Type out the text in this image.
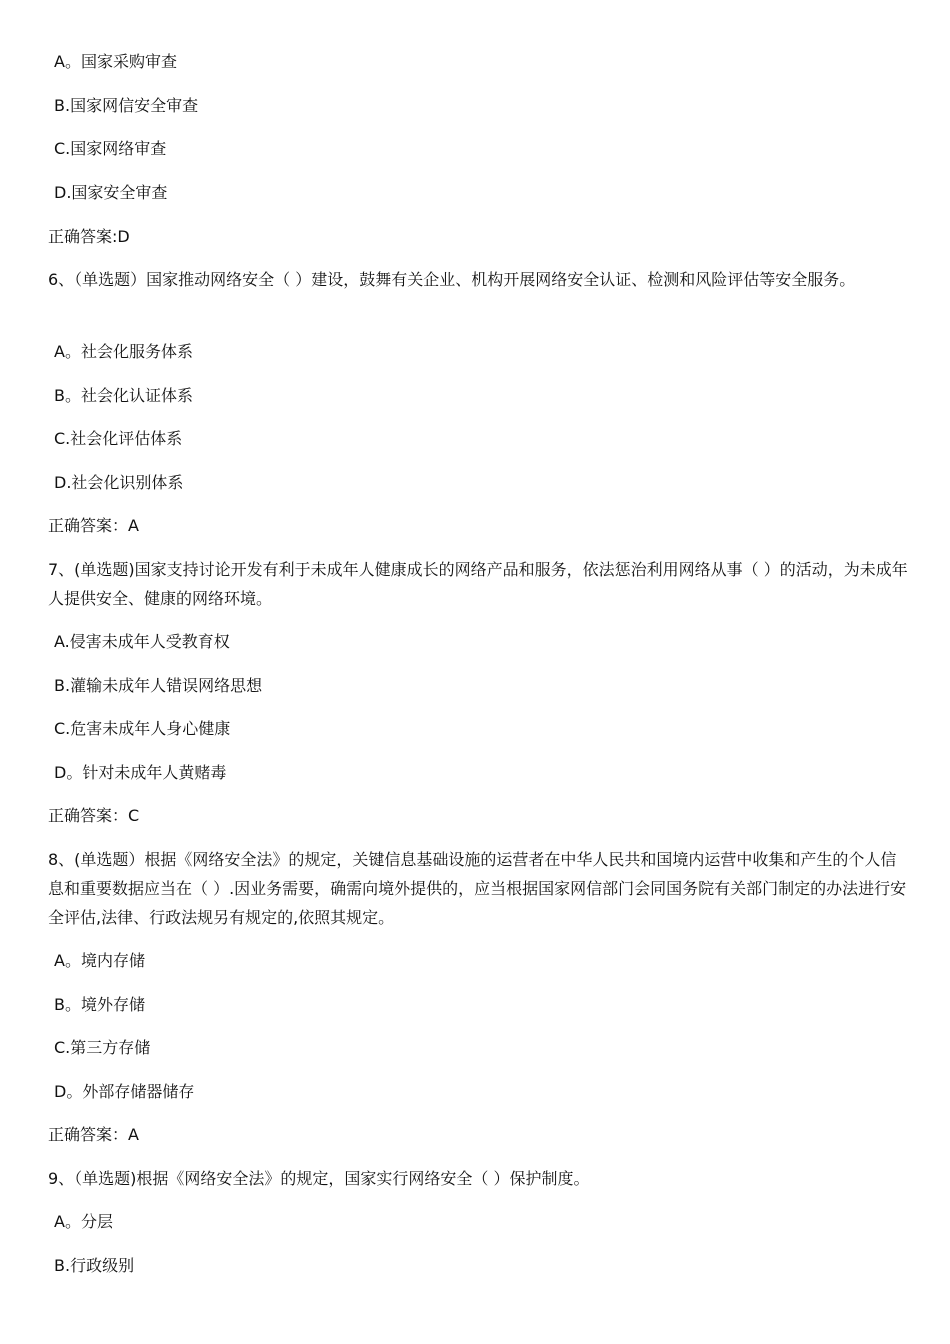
A。国家采购审查
B.国家网信安全审查
C.国家网络审查
D.国家安全审查
正确答案:D
6、（单选题）国家推动网络安全（ ）建设，鼓舞有关企业、机构开展网络安全认证、检测和风险评估等安全服务。
A。社会化服务体系
B。社会化认证体系
C.社会化评估体系
D.社会化识别体系
正确答案：A
7、(单选题)国家支持讨论开发有利于未成年人健康成长的网络产品和服务，依法惩治利用网络从事（ ）的活动，为未成年人提供安全、健康的网络环境。
A.侵害未成年人受教育权
B.灌输未成年人错误网络思想
C.危害未成年人身心健康
D。针对未成年人黄赌毒
正确答案：C
8、(单选题）根据《网络安全法》的规定，关键信息基础设施的运营者在中华人民共和国境内运营中收集和产生的个人信息和重要数据应当在（ ）.因业务需要，确需向境外提供的，应当根据国家网信部门会同国务院有关部门制定的办法进行安全评估,法律、行政法规另有规定的,依照其规定。
A。境内存储
B。境外存储
C.第三方存储
D。外部存储器储存
正确答案：A
9、（单选题)根据《网络安全法》的规定，国家实行网络安全（ ）保护制度。
A。分层
B.行政级别
